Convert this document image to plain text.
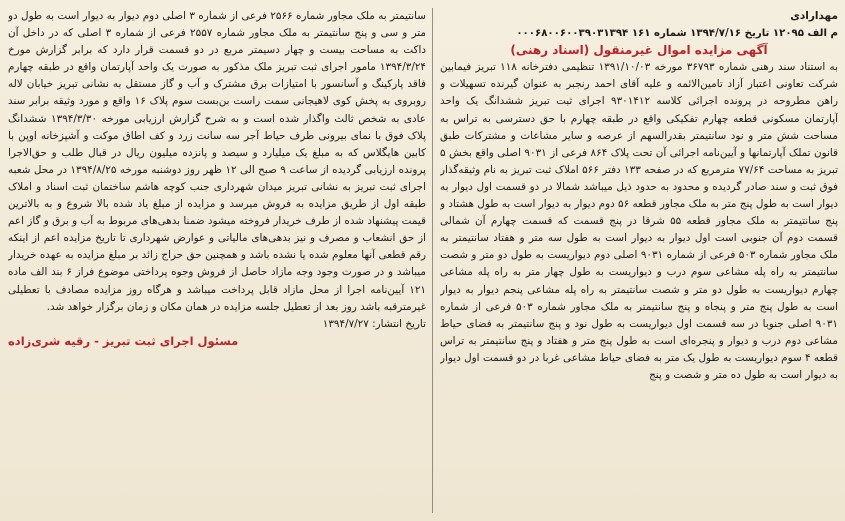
مهدارادی

م الف ۱۲۰۹۵ تاریخ ۱۳۹۴/۷/۱۶ شماره ۱۶۱ ۰۰۰۶۸۰۰۶۰۰۳۹۰۳۱۳۹۴

آگهی مزایده اموال غیرمنقول (اسناد رهنی)

به استناد سند رهنی شماره ۳۶۷۹۳ مورخه ۱۳۹۱/۱۰/۰۳ تنظیمی دفترخانه ۱۱۸ تبریز فیمابین شرکت تعاونی اعتبار آزاد تامین‌الائمه و علیه آقای احمد رنجبر به عنوان گیرنده تسهیلات و راهن مطروحه در پرونده اجرائی کلاسه ۹۳۰۱۴۱۲ اجرای ثبت تبریز ششدانگ یک واحد آپارتمان مسکونی قطعه چهارم تفکیکی واقع در طبقه چهارم با حق دسترسی به تراس به مساحت شش متر و نود سانتیمتر بقدرالسهم از عرصه و سایر مشاعات و مشترکات طبق قانون تملک آپارتمانها و آیین‌نامه اجرائی آن تحت پلاک ۸۶۴ فرعی از ۹۰۳۱ اصلی واقع بخش ۵ تبریز به مساحت ۷۷/۶۴ مترمربع که در صفحه ۱۳۳ دفتر ۵۶۶ املاک ثبت تبریز به نام وثیقه‌گذار فوق ثبت و سند صادر گردیده و محدود به حدود ذیل میباشد شمالا در دو قسمت اول دیوار به دیوار است به طول پنج متر به ملک مجاور قطعه ۵۶ دوم دیوار به دیوار است به طول هشتاد و پنج سانتیمتر به ملک مجاور قطعه ۵۵ شرقا در پنج قسمت که قسمت چهارم آن شمالی قسمت دوم آن جنوبی است اول دیوار به دیوار است به طول سه متر و هفتاد سانتیمتر به ملک مجاور شماره ۵۰۳ فرعی از شماره ۹۰۳۱ اصلی دوم دیواریست به طول دو متر و شصت سانتیمتر به راه پله مشاعی سوم درب و دیواریست به طول چهار متر به راه پله مشاعی چهارم دیواریست به طول دو متر و شصت سانتیمتر به راه پله مشاعی پنجم دیوار به دیوار است به طول پنج متر و پنجاه و پنج سانتیمتر به ملک مجاور شماره ۵۰۳ فرعی از شماره ۹۰۳۱ اصلی جنوبا در سه قسمت اول دیواریست به طول نود و پنج سانتیمتر به فضای حیاط مشاعی دوم درب و دیوار و پنجره‌ای است به طول پنج متر و هفتاد و پنج سانتیمتر به تراس قطعه ۴ سوم دیواریست به طول یک متر به فضای حیاط مشاعی غربا در دو قسمت اول دیوار به دیوار است به طول ده متر و شصت و پنج

سانتیمتر به ملک مجاور شماره ۲۵۶۶ فرعی از شماره ۳ اصلی دوم دیوار به دیوار است به طول دو متر و سی و پنج سانتیمتر به ملک مجاور شماره ۲۵۵۷ فرعی از شماره ۳ اصلی که در داخل آن داکت به مساحت بیست و چهار دسیمتر مربع در دو قسمت قرار دارد که برابر گزارش مورخ ۱۳۹۴/۳/۲۴ مامور اجرای ثبت تبریز ملک مذکور به صورت یک واحد آپارتمان واقع در طبقه چهارم فاقد پارکینگ و آسانسور با امتیازات برق مشترک و آب و گاز مستقل به نشانی تبریز خیابان لاله روبروی به پخش کوی لاهیجانی سمت راست بن‌بست سوم پلاک ۱۶ واقع و مورد وثیقه برابر سند عادی به شخص ثالث واگذار شده است و به شرح گزارش ارزیابی مورخه ۱۳۹۴/۳/۳۰ ششدانگ پلاک فوق با نمای بیرونی طرف حیاط آجر سه سانت زرد و کف اطاق موکت و آشپزخانه اوپن با کابین هایگلاس که به مبلغ یک میلیارد و سیصد و پانزده میلیون ریال در قبال طلب و حق‌الاجرا پرونده ارزیابی گردیده از ساعت ۹ صبح الی ۱۲ ظهر روز دوشنبه مورخه ۱۳۹۴/۸/۲۵ در محل شعبه اجرای ثبت تبریز به نشانی تبریز میدان شهرداری جنب کوچه هاشم ساختمان ثبت اسناد و املاک طبقه اول از طریق مزایده به فروش میرسد و مزایده از مبلغ یاد شده بالا شروع و به بالاترین قیمت پیشنهاد شده از طرف خریدار فروخته میشود ضمنا بدهی‌های مربوط به آب و برق و گاز اعم از حق انشعاب و مصرف و نیز بدهی‌های مالیاتی و عوارض شهرداری تا تاریخ مزایده اعم از اینکه رقم قطعی آنها معلوم شده یا نشده باشد و همچنین حق حراج زائد بر مبلغ مزایده به عهده خریدار میباشد و در صورت وجود وجه مازاد حاصل از فروش وجوه پرداختی موضوع فراز ۶ بند الف ماده ۱۲۱ آیین‌نامه اجرا از محل مازاد قابل پرداخت میباشد و هرگاه روز مزایده مصادف با تعطیلی غیرمترقبه باشد روز بعد از تعطیل جلسه مزایده در همان مکان و زمان برگزار خواهد شد.

تاریخ انتشار: ۱۳۹۴/۷/۲۷

مسئول اجرای ثبت تبریز - رقیه شری‌زاده
